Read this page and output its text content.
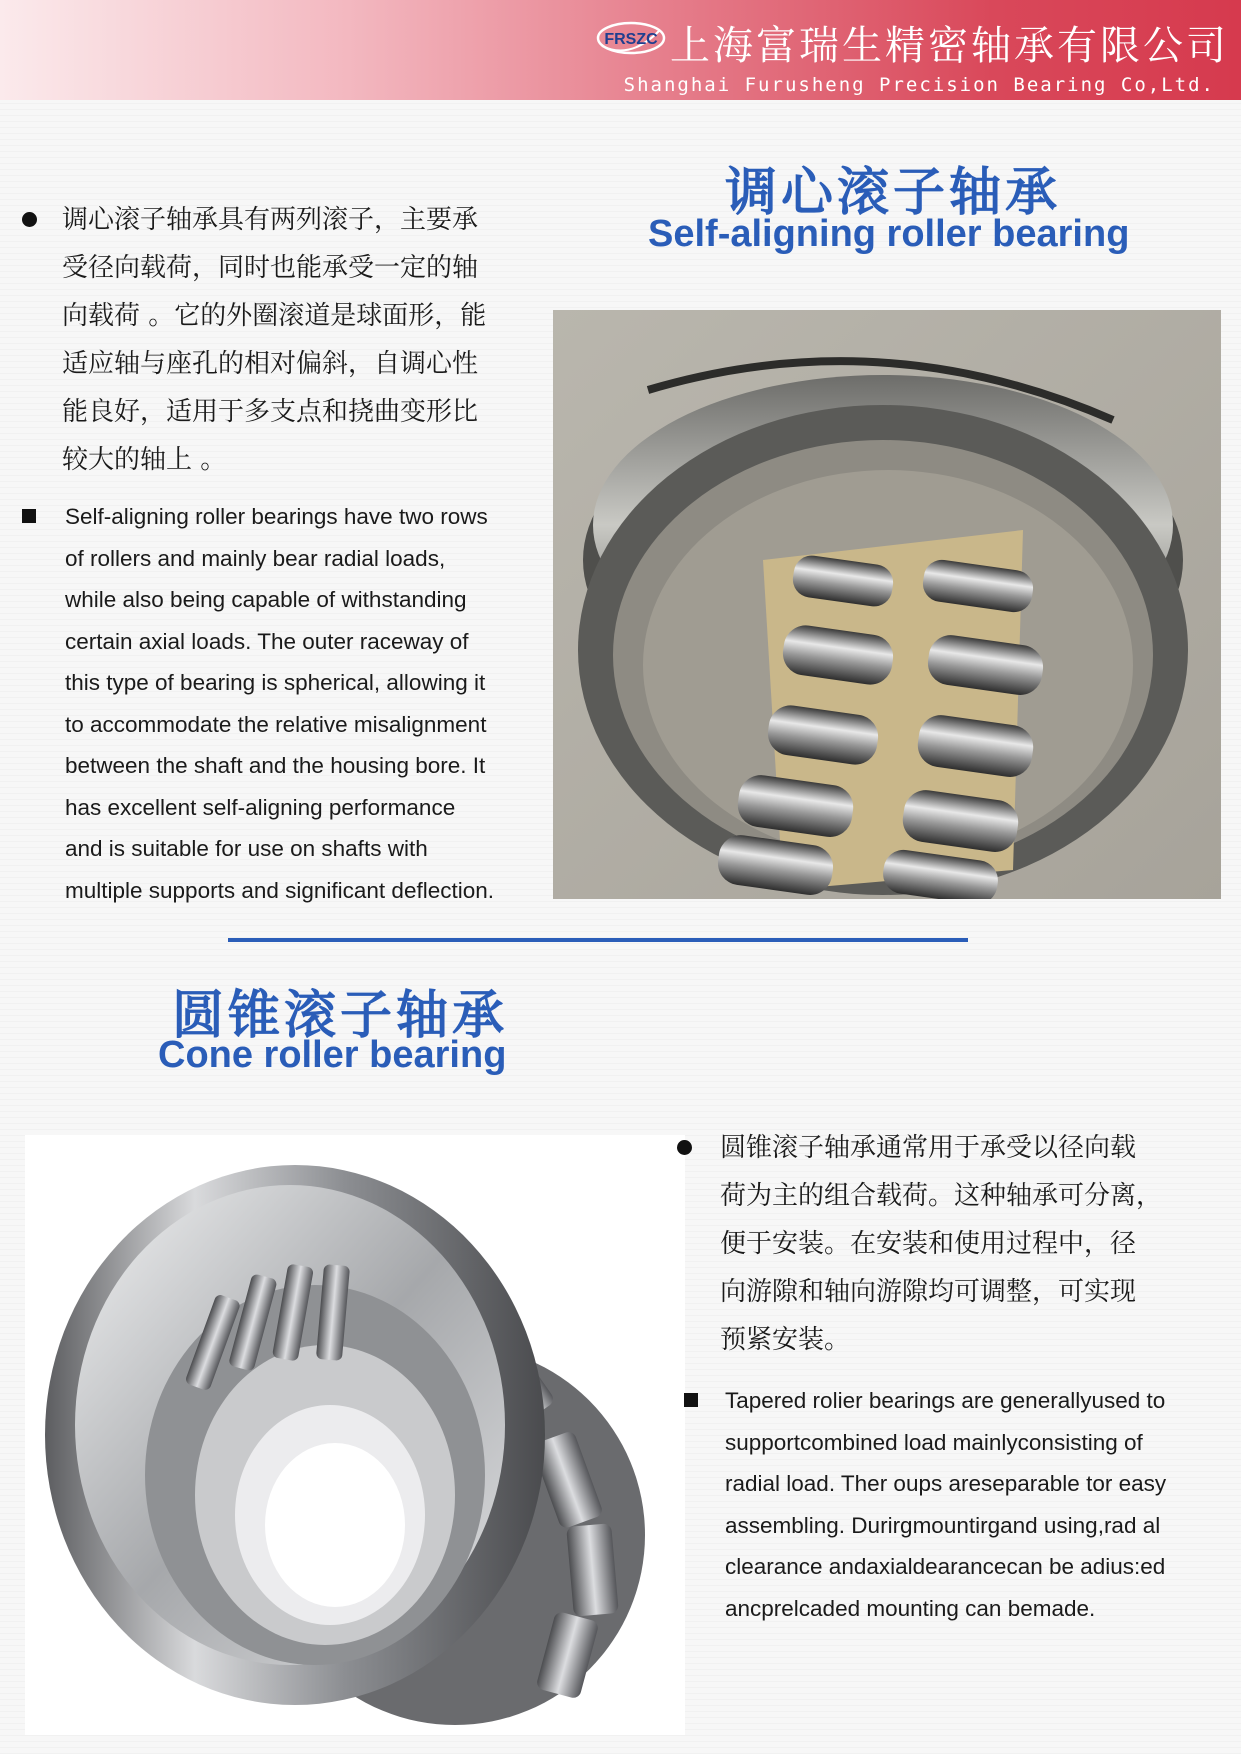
FRSZC 上海富瑞生精密轴承有限公司
Shanghai Furusheng Precision Bearing Co,Ltd.
调心滚子轴承
Self-aligning roller bearing
调心滚子轴承具有两列滚子，主要承
受径向载荷，同时也能承受一定的轴
向载荷 。它的外圈滚道是球面形，能
适应轴与座孔的相对偏斜，自调心性
能良好，适用于多支点和挠曲变形比
较大的轴上 。
Self-aligning roller bearings have two rows
of rollers and mainly bear radial loads,
while also being capable of withstanding
certain axial loads. The outer raceway of
this type of bearing is spherical, allowing it
to accommodate the relative misalignment
between the shaft and the housing bore. It
has excellent self-aligning performance
and is suitable for use on shafts with
multiple supports and significant deflection.
圆锥滚子轴承
Cone roller bearing
圆锥滚子轴承通常用于承受以径向载
荷为主的组合载荷。这种轴承可分离，
便于安装。在安装和使用过程中，径
向游隙和轴向游隙均可调整，可实现
预紧安装。
Tapered rolier bearings are generallyused to
supportcombined load mainlyconsisting of
radial load. Ther oups areseparable tor easy
assembling. Durirgmountirgand using,rad al
clearance andaxialdearancecan be adius:ed
ancprelcaded mounting can bemade.
